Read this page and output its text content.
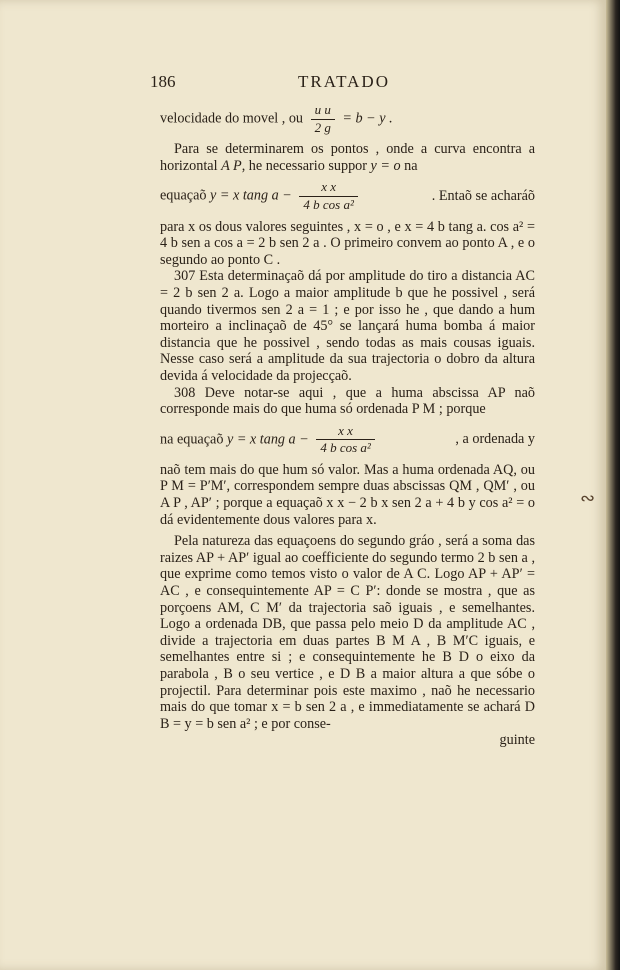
186	TRATADO

velocidade do movel , ou $\frac{\text{u u}}{2 g} = b - y$ .

Para se determinarem os pontos , onde a curva encontra a horizontal A P, he necessario suppor y = o na

equaçaõ y = x tang $a - \frac{\text{x x}}{\text{4 b cos a²}}$	. Entaõ se acharáõ

para x os dous valores seguintes , x = o , e x = 4 b tang a. cos a² = 4 b sen a cos a = 2 b sen 2 a . O primeiro convem ao ponto A , e o segundo ao ponto C .

307 Esta determinaçaõ dá por amplitude do tiro a distancia AC = 2 b sen 2 a. Logo a maior amplitude b que he possivel , será quando tivermos sen 2 a = 1 ; e por isso he , que dando a hum morteiro a inclinaçaõ de 45° se lançará huma bomba á maior distancia que he possivel , sendo todas as mais cousas iguais. Nesse caso será a amplitude da sua trajectoria o dobro da altura devida á velocidade da projecçaõ.

308 Deve notar-se aqui , que a huma abscissa AP naõ corresponde mais do que huma só ordenada P M ; porque

na equaçaõ y = x tang $a - \frac{\text{x x}}{\text{4 b cos a²}}$	, a ordenada y

naõ tem mais do que hum só valor. Mas a huma ordenada AQ, ou P M = P′M′, correspondem sempre duas abscissas QM , QM′ , ou A P , AP′ ; porque a equaçaõ x x − 2 b x sen 2 a + 4 b y cos a² = o dá evidentemente dous valores para x.

Pela natureza das equaçoens do segundo gráo , será a soma das raizes AP + AP′ igual ao coefficiente do segundo termo 2 b sen a , que exprime como temos visto o valor de A C. Logo AP + AP′ = AC , e consequintemente AP = C P′: donde se mostra , que as porçoens AM, C M′ da trajectoria saõ iguais , e semelhantes. Logo a ordenada DB, que passa pelo meio D da amplitude AC , divide a trajectoria em duas partes B M A , B M′C iguais, e semelhantes entre si ; e consequintemente he B D o eixo da parabola , B o seu vertice , e D B a maior altura a que sóbe o projectil. Para determinar pois este maximo , naõ he necessario mais do que tomar x = b sen 2 a , e immediatamente se achará D B = y = b sen a² ; e por conse-

guinte

∾
